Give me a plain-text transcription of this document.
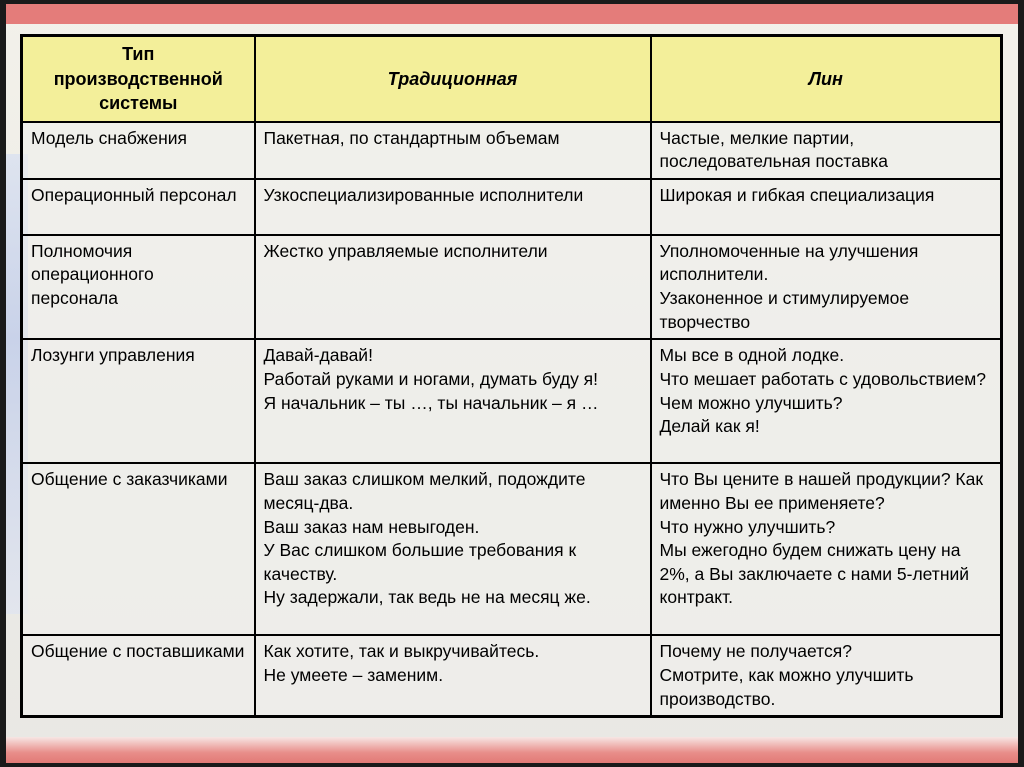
Тип производственной системы	Традиционная	Лин
Модель снабжения	Пакетная, по стандартным объемам	Частые, мелкие партии, последовательная поставка

Операционный персонал	Узкоспециализированные исполнители	Широкая и гибкая специализация

Полномочия операционного персонала	Жестко управляемые исполнители	Уполномоченные на улучшения исполнители.
Узаконенное и стимулируемое творчество

Лозунги управления	Давай-давай!
Работай руками и ногами, думать буду я!
Я начальник – ты …, ты начальник – я …	Мы все в одной лодке.
Что мешает работать с удовольствием?
Чем можно улучшить?
Делай как я!

Общение с заказчиками	Ваш заказ слишком мелкий, подождите месяц-два.
Ваш заказ нам невыгоден.
У Вас слишком большие требования к качеству.
Ну задержали, так ведь не на месяц же.	Что Вы цените в нашей продукции? Как именно Вы ее применяете?
Что нужно улучшить?
Мы ежегодно будем снижать цену на 2%, а Вы заключаете с нами 5-летний контракт.

Общение с поставшиками	Как хотите, так и выкручивайтесь.
Не умеете – заменим.	Почему не получается?
Смотрите, как можно улучшить производство.
